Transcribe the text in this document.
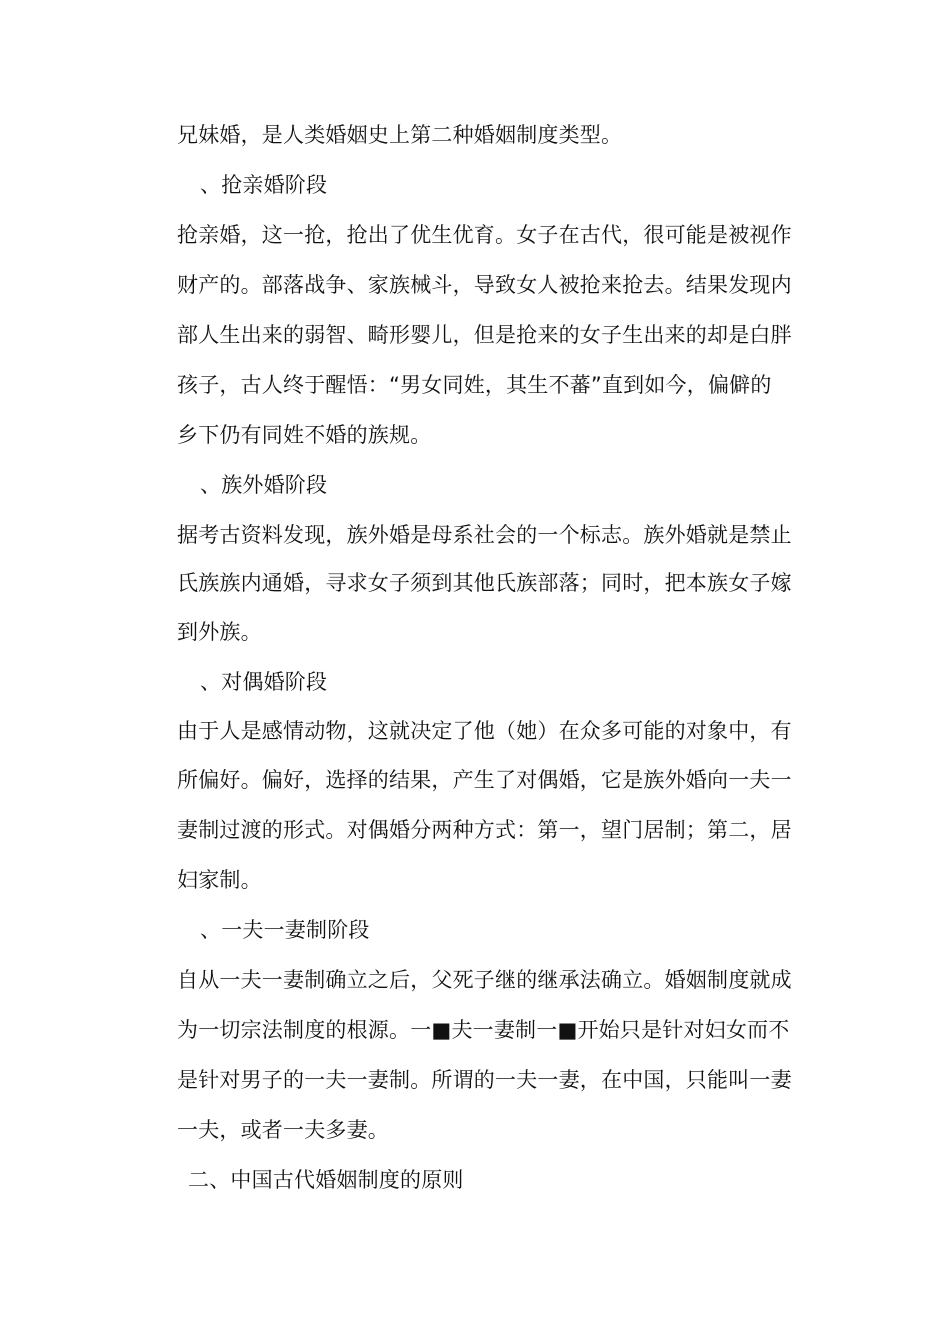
兄妹婚，是人类婚姻史上第二种婚姻制度类型。
、抢亲婚阶段
抢亲婚，这一抢，抢出了优生优育。女子在古代，很可能是被视作
财产的。部落战争、家族械斗，导致女人被抢来抢去。结果发现内
部人生出来的弱智、畸形婴儿，但是抢来的女子生出来的却是白胖
孩子，古人终于醒悟：“男女同姓，其生不蕃”直到如今，偏僻的
乡下仍有同姓不婚的族规。
、族外婚阶段
据考古资料发现，族外婚是母系社会的一个标志。族外婚就是禁止
氏族族内通婚，寻求女子须到其他氏族部落；同时，把本族女子嫁
到外族。
、对偶婚阶段
由于人是感情动物，这就决定了他（她）在众多可能的对象中，有
所偏好。偏好，选择的结果，产生了对偶婚，它是族外婚向一夫一
妻制过渡的形式。对偶婚分两种方式：第一，望门居制；第二，居
妇家制。
、一夫一妻制阶段
自从一夫一妻制确立之后，父死子继的继承法确立。婚姻制度就成
为一切宗法制度的根源。一■夫一妻制一■开始只是针对妇女而不
是针对男子的一夫一妻制。所谓的一夫一妻，在中国，只能叫一妻
一夫，或者一夫多妻。
二、中国古代婚姻制度的原则
